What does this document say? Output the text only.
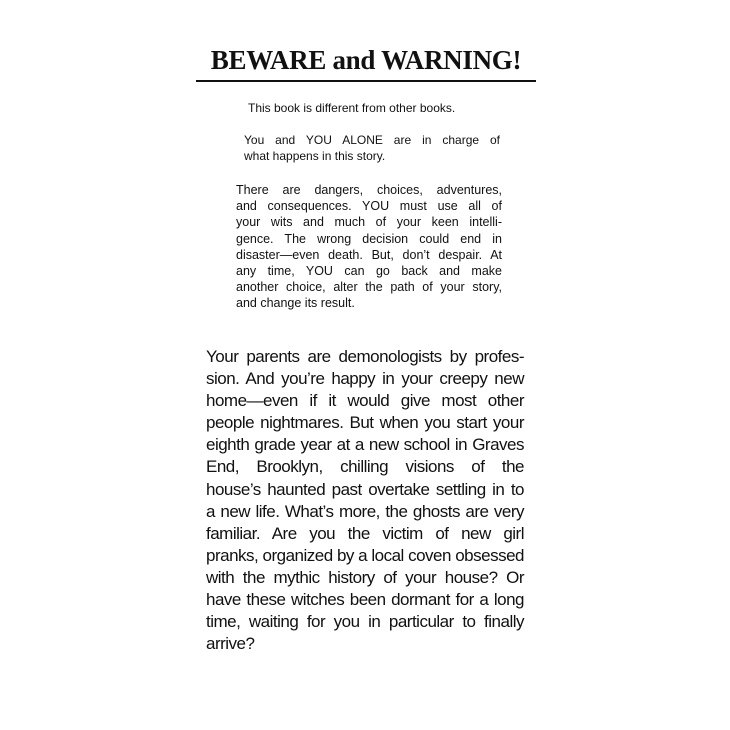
BEWARE and WARNING!
This book is different from other books.
You and YOU ALONE are in charge of
what happens in this story.
There are dangers, choices, adventures,
and consequences. YOU must use all of
your wits and much of your keen intelli-
gence. The wrong decision could end in
disaster—even death. But, don’t despair. At
any time, YOU can go back and make
another choice, alter the path of your story,
and change its result.
Your parents are demonologists by profes-
sion. And you’re happy in your creepy new
home—even if it would give most other
people nightmares. But when you start your
eighth grade year at a new school in Graves
End, Brooklyn, chilling visions of the
house’s haunted past overtake settling in to
a new life. What’s more, the ghosts are very
familiar. Are you the victim of new girl
pranks, organized by a local coven obsessed
with the mythic history of your house? Or
have these witches been dormant for a long
time, waiting for you in particular to finally
arrive?
